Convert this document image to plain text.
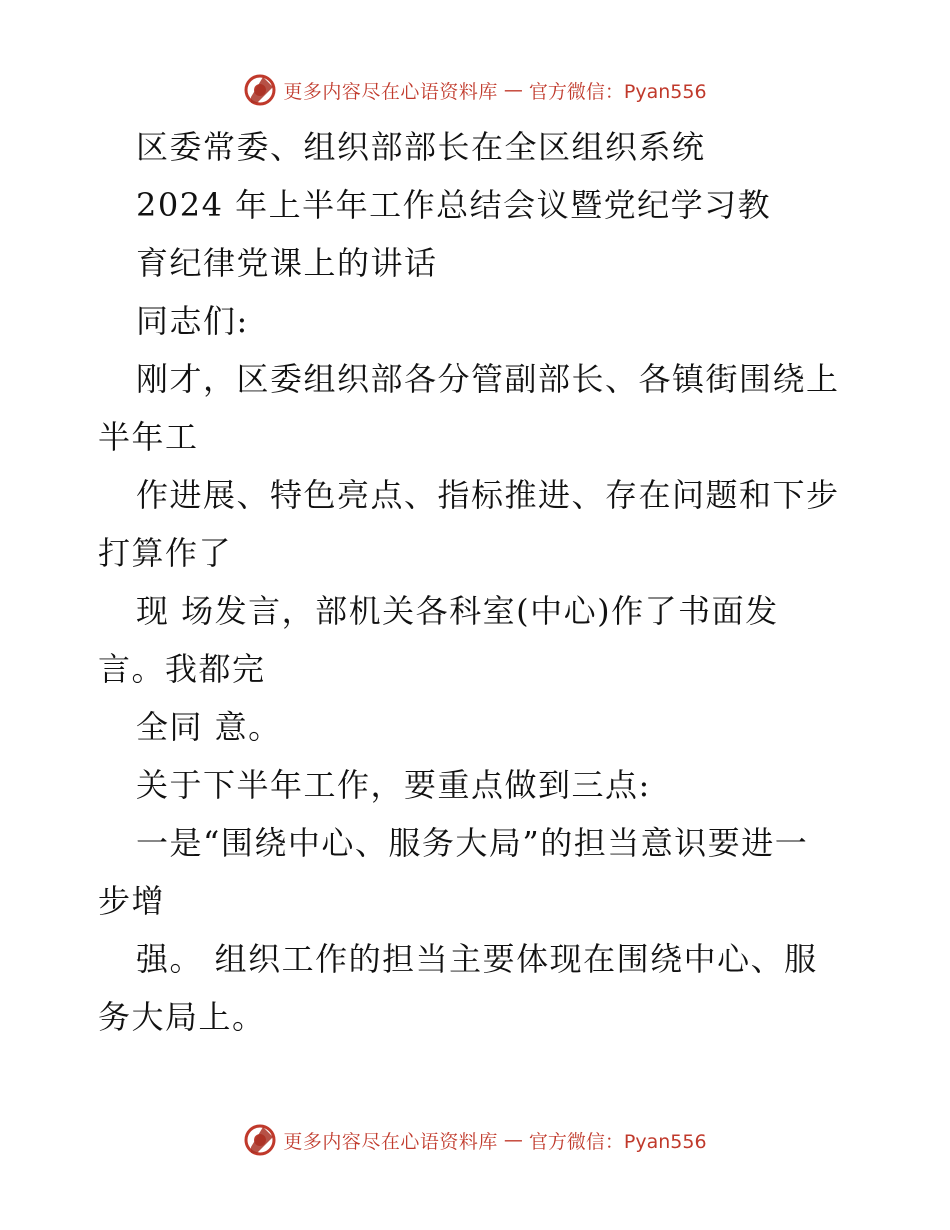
更多内容尽在心语资料库 — 官方微信：Pyan556
区委常委、组织部部长在全区组织系统
2024 年上半年工作总结会议暨党纪学习教
育纪律党课上的讲话
同志们:
刚才，区委组织部各分管副部长、各镇街围绕上
半年工
作进展、特色亮点、指标推进、存在问题和下步
打算作了
现 场发言，部机关各科室(中心)作了书面发
言。我都完
全同 意。
关于下半年工作，要重点做到三点:
一是“围绕中心、服务大局”的担当意识要进一
步增
强。 组织工作的担当主要体现在围绕中心、服
务大局上。
更多内容尽在心语资料库 — 官方微信：Pyan556
